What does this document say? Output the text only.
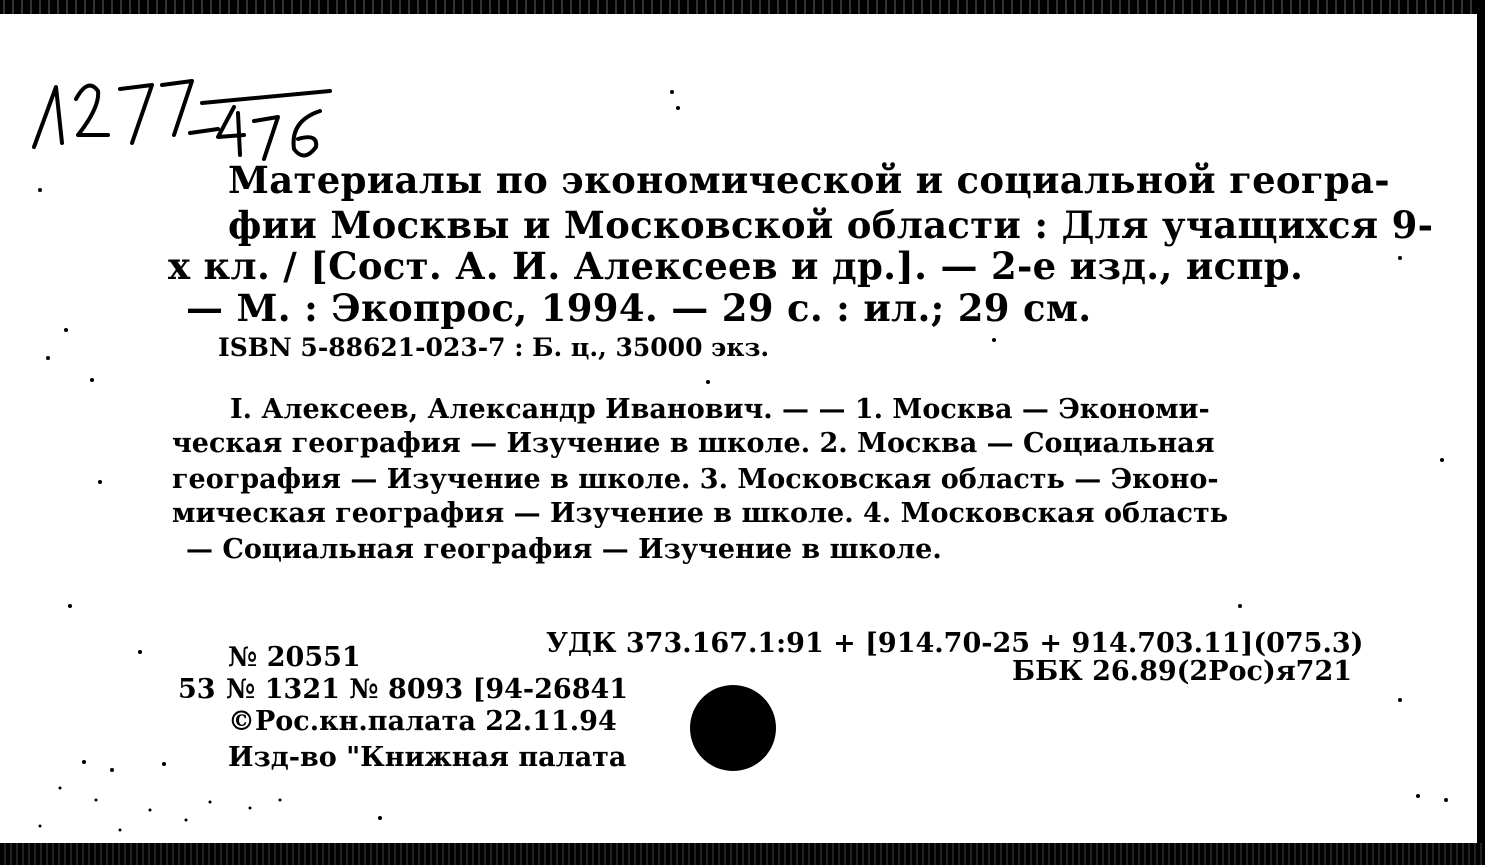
Материалы по экономической и социальной геогра-
фии Москвы и Московской области : Для учащихся 9-
х кл. / [Сост. А. И. Алексеев и др.]. — 2-е изд., испр.
— М. : Экопрос, 1994. — 29 с. : ил.; 29 см.
ISBN 5-88621-023-7 : Б. ц., 35000 экз.
I. Алексеев, Александр Иванович. — — 1. Москва — Экономи-
ческая география — Изучение в школе. 2. Москва — Социальная
география — Изучение в школе. 3. Московская область — Эконо-
мическая география — Изучение в школе. 4. Московская область
— Социальная география — Изучение в школе.
№ 20551	УДК 373.167.1:91 + [914.70-25 + 914.703.11](075.3)
ББК 26.89(2Рос)я721
53 № 1321 № 8093 [94-26841
©Рос.кн.палата 22.11.94
Изд-во "Книжная палата
